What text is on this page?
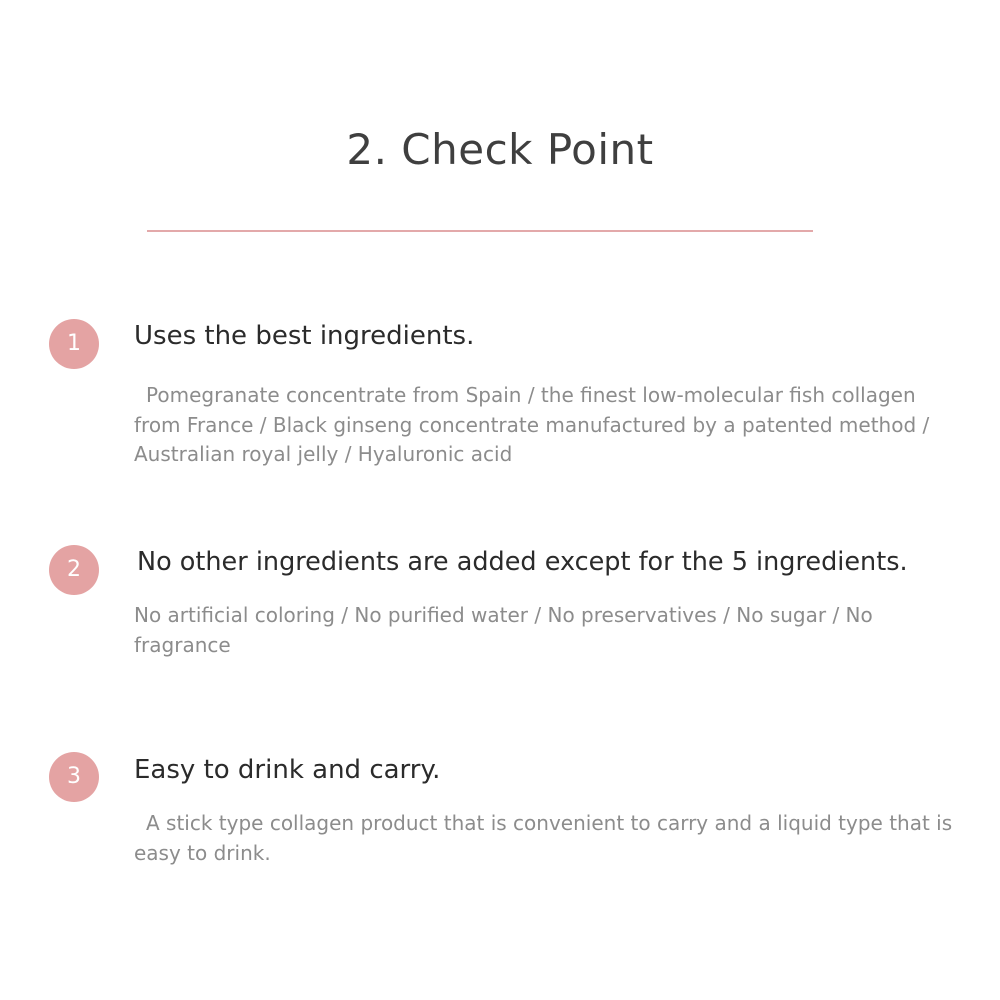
2. Check Point
1	Uses the best ingredients.

Pomegranate concentrate from Spain / the finest low-molecular fish collagen from France / Black ginseng concentrate manufactured by a patented method / Australian royal jelly / Hyaluronic acid

2	No other ingredients are added except for the 5 ingredients.

No artificial coloring / No purified water / No preservatives / No sugar / No fragrance

3	Easy to drink and carry.

A stick type collagen product that is convenient to carry and a liquid type that is easy to drink.
